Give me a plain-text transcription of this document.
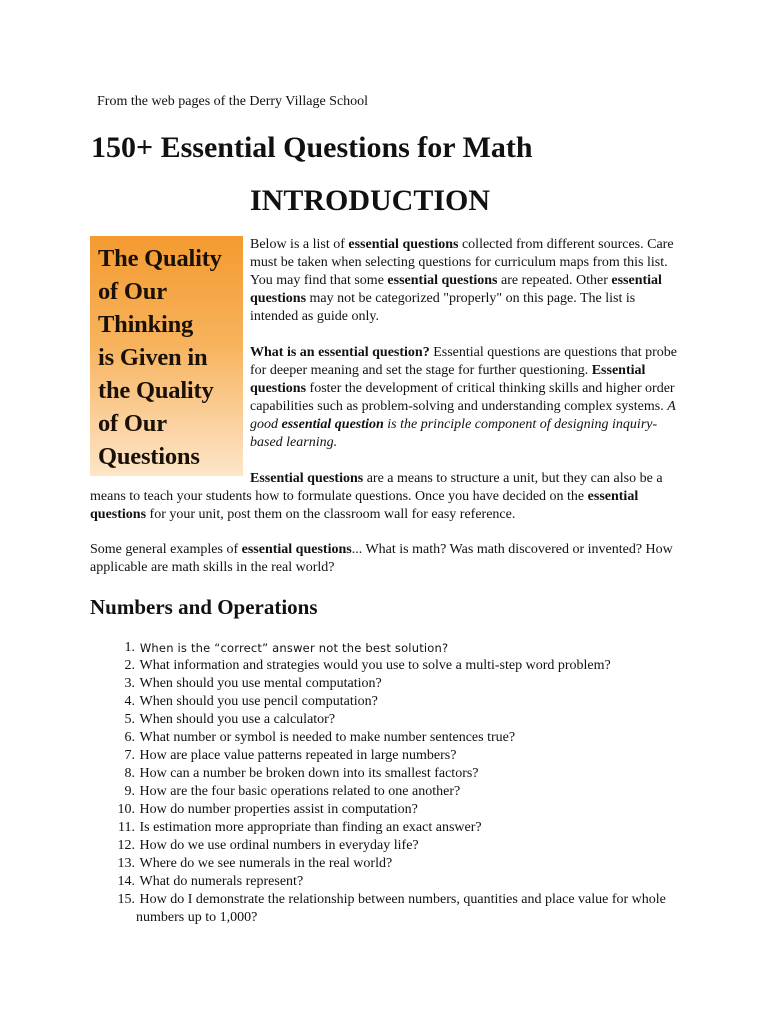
From the web pages of the Derry Village School
150+ Essential Questions for Math
INTRODUCTION
The Quality
of Our
Thinking
is Given in
the Quality
of Our
Questions

Below is a list of essential questions collected from different sources. Care must be taken when selecting questions for curriculum maps from this list. You may find that some essential questions are repeated. Other essential questions may not be categorized "properly" on this page. The list is intended as guide only.

What is an essential question? Essential questions are questions that probe for deeper meaning and set the stage for further questioning. Essential questions foster the development of critical thinking skills and higher order capabilities such as problem-solving and understanding complex systems. A good essential question is the principle component of designing inquiry-based learning.

Essential questions are a means to structure a unit, but they can also be a means to teach your students how to formulate questions. Once you have decided on the essential questions for your unit, post them on the classroom wall for easy reference.

Some general examples of essential questions... What is math? Was math discovered or invented? How applicable are math skills in the real world?

Numbers and Operations
1. When is the “correct” answer not the best solution?
2. What information and strategies would you use to solve a multi-step word problem?
3. When should you use mental computation?
4. When should you use pencil computation?
5. When should you use a calculator?
6. What number or symbol is needed to make number sentences true?
7. How are place value patterns repeated in large numbers?
8. How can a number be broken down into its smallest factors?
9. How are the four basic operations related to one another?
10. How do number properties assist in computation?
11. Is estimation more appropriate than finding an exact answer?
12. How do we use ordinal numbers in everyday life?
13. Where do we see numerals in the real world?
14. What do numerals represent?
15. How do I demonstrate the relationship between numbers, quantities and place value for whole numbers up to 1,000?
